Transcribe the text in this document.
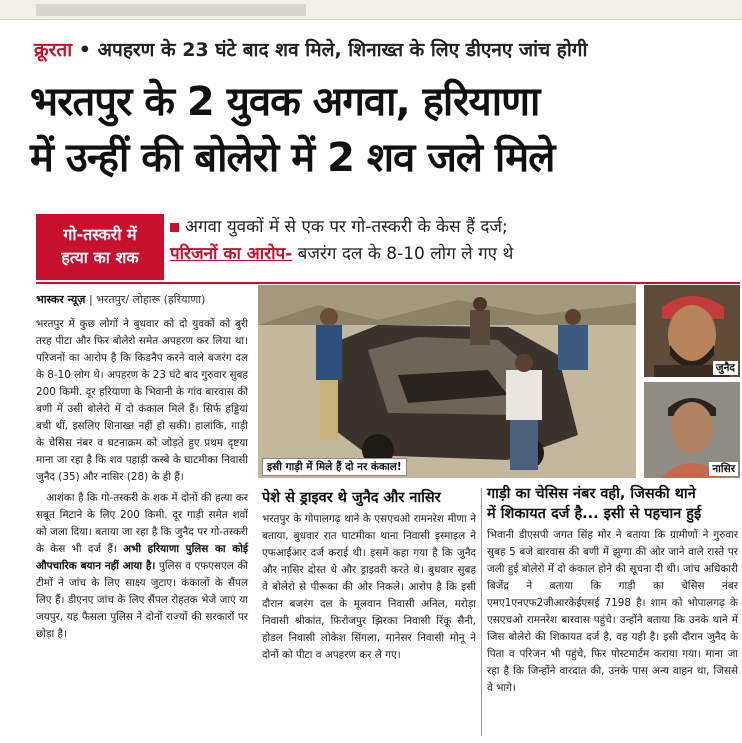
क्रूरता • अपहरण के 23 घंटे बाद शव मिले, शिनाख्त के लिए डीएनए जांच होगी
भरतपुर के 2 युवक अगवा, हरियाणा
में उन्हीं की बोलेरो में 2 शव जले मिले
गो-तस्करी में
हत्या का शक
अगवा युवकों में से एक पर गो-तस्करी के केस हैं दर्ज;
परिजनों का आरोप- बजरंग दल के 8-10 लोग ले गए थे
भास्कर न्यूज़ | भरतपुर/ लोहारू (हरियाणा)

भरतपुर में कुछ लोगों ने बुधवार को दो युवकों को बुरी तरह पीटा और फिर बोलेरो समेत अपहरण कर लिया था। परिजनों का आरोप है कि किडनैप करने वाले बजरंग दल के 8-10 लोग थे। अपहरण के 23 घंटे बाद गुरुवार सुबह 200 किमी. दूर हरियाणा के भिवानी के गांव बारवास की बणी में उसी बोलेरो में दो कंकाल मिले हैं। सिर्फ हड्डियां बची थीं, इसलिए शिनाख्त नहीं हो सकी। हालांकि, गाड़ी के चेसिस नंबर व घटनाक्रम को जोड़ते हुए प्रथम दृष्टया माना जा रहा है कि शव पहाड़ी कस्बे के घाटमीका निवासी जुनैद (35) और नासिर (28) के ही हैं।

आशंका है कि गो-तस्करी के शक में दोनों की हत्या कर सबूत मिटाने के लिए 200 किमी. दूर गाड़ी समेत शवों को जला दिया। बताया जा रहा है कि जुनैद पर गो-तस्करी के केस भी दर्ज हैं। अभी हरियाणा पुलिस का कोई औपचारिक बयान नहीं आया है। पुलिस व एफएसएल की टीमों ने जांच के लिए साक्ष्य जुटाए। कंकालों के सैंपल लिए हैं। डीएनए जांच के लिए सैंपल रोहतक भेजे जाएं या जयपुर, यह फैसला पुलिस ने दोनों राज्यों की सरकारों पर छोड़ा है।

इसी गाड़ी में मिले हैं दो नर कंकाल!
जुनैद
नासिर
पेशे से ड्राइवर थे जुनैद और नासिर
भरतपुर के गोपालगढ़ थाने के एसएचओ रामनरेश मीणा ने बताया, बुधवार रात घाटमीका थाना निवासी इस्माइल ने एफआईआर दर्ज कराई थी। इसमें कहा गया है कि जुनैद और नासिर दोस्त थे और ड्राइवरी करते थे। बुधवार सुबह वे बोलेरो से पीरूका की ओर निकले। आरोप है कि इसी दौरान बजरंग दल के मूलवान निवासी अनिल, मरोड़ा निवासी श्रीकांत, फिरोजपुर झिरका निवासी रिंकू सैनी, होडल निवासी लोकेश सिंगला, मानेसर निवासी मोनू ने दोनों को पीटा व अपहरण कर ले गए।
गाड़ी का चेसिस नंबर वही, जिसकी थाने
में शिकायत दर्ज है... इसी से पहचान हुई
भिवानी डीएसपी जगत सिंह मोर ने बताया कि ग्रामीणों ने गुरुवार सुबह 5 बजे बारवास की बणी में झुग्गा की ओर जाने वाले रास्ते पर जली हुई बोलेरो में दो कंकाल होने की सूचना दी थी। जांच अधिकारी बिजेंद्र ने बताया कि गाड़ी का चेसिस नंबर एमए1एनएफ2जीआरकेईएसई 7198 है। शाम को भोपालगढ़ के एसएचओ रामनरेश बारवास पहुंचे। उन्होंने बताया कि उनके थाने में जिस बोलेरो की शिकायत दर्ज है, वह यही है। इसी दौरान जुनैद के पिता व परिजन भी पहुंचे, फिर पोस्टमार्टम कराया गया। माना जा रहा है कि जिन्होंने वारदात की, उनके पास अन्य वाहन था, जिससे वे भागे।
